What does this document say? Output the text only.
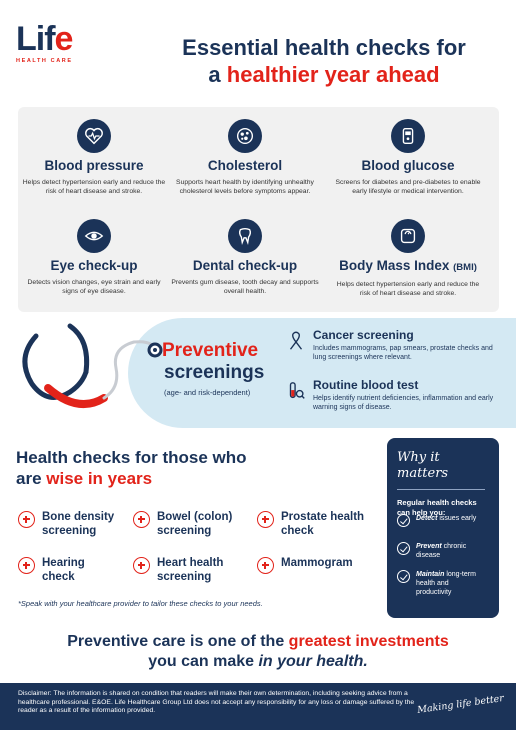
Life
HEALTH CARE
Essential health checks for
a healthier year ahead
Blood pressure
Helps detect hypertension early and reduce the risk of heart disease and stroke.
Cholesterol
Supports heart health by identifying unhealthy cholesterol levels before symptoms appear.
Blood glucose
Screens for diabetes and pre-diabetes to enable early lifestyle or medical intervention.
Eye check-up
Detects vision changes, eye strain and early signs of eye disease.
Dental check-up
Prevents gum disease, tooth decay and supports overall health.
Body Mass Index (BMI)
Helps detect hypertension early and reduce the risk of heart disease and stroke.
Preventive
screenings
(age- and risk-dependent)
Cancer screening
Includes mammograms, pap smears, prostate checks and lung screenings where relevant.
Routine blood test
Helps identify nutrient deficiencies, inflammation and early warning signs of disease.
Health checks for those who
are wise in years
Bone density screening
Bowel (colon) screening
Prostate health check
Hearing check
Heart health screening
Mammogram
*Speak with your healthcare provider to tailor these checks to your needs.
Why it matters
Regular health checks can help you:
Detect issues early
Prevent chronic disease
Maintain long-term health and productivity
Preventive care is one of the greatest investments
you can make in your health.
Disclaimer: The information is shared on condition that readers will make their own determination, including seeking advice from a healthcare professional. E&OE. Life Healthcare Group Ltd does not accept any responsibility for any loss or damage suffered by the reader as a result of the information provided.	Making life better
